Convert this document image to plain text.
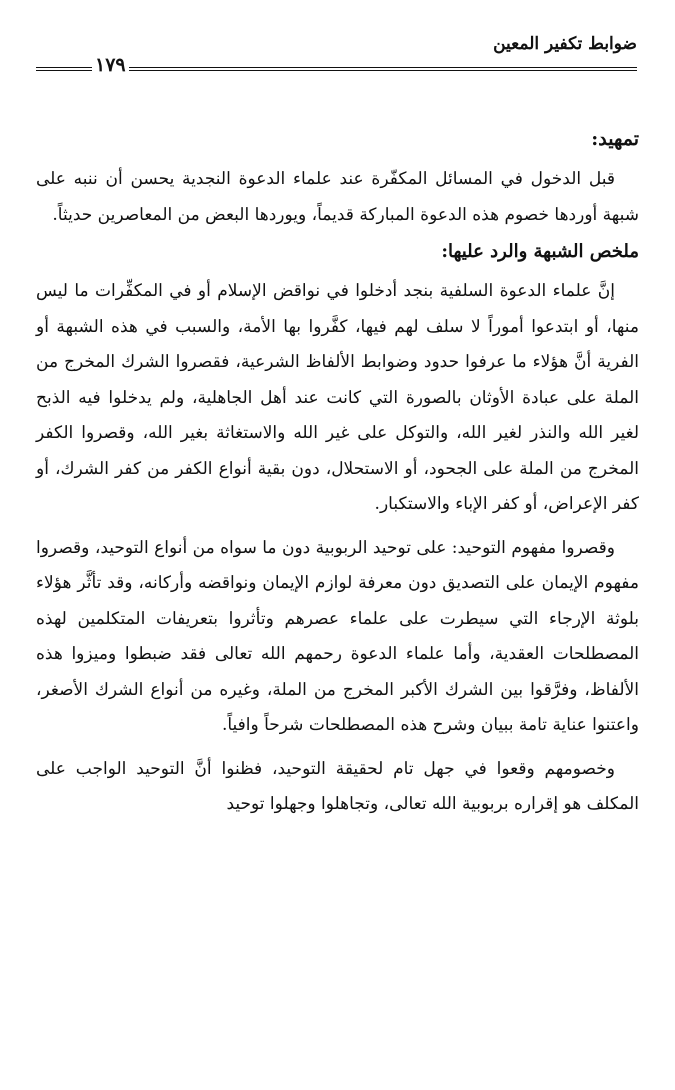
ضوابط تكفير المعين
١٧٩
تمهيد:

قبل الدخول في المسائل المكفّرة عند علماء الدعوة النجدية يحسن أن ننبه على شبهة أوردها خصوم هذه الدعوة المباركة قديماً، ويوردها البعض من المعاصرين حديثاً.

ملخص الشبهة والرد عليها:

إنَّ علماء الدعوة السلفية بنجد أدخلوا في نواقض الإسلام أو في المكفِّرات ما ليس منها، أو ابتدعوا أموراً لا سلف لهم فيها، كفَّروا بها الأمة، والسبب في هذه الشبهة أو الفرية أنَّ هؤلاء ما عرفوا حدود وضوابط الألفاظ الشرعية، فقصروا الشرك المخرج من الملة على عبادة الأوثان بالصورة التي كانت عند أهل الجاهلية، ولم يدخلوا فيه الذبح لغير الله والنذر لغير الله، والتوكل على غير الله والاستغاثة بغير الله، وقصروا الكفر المخرج من الملة على الجحود، أو الاستحلال، دون بقية أنواع الكفر من كفر الشرك، أو كفر الإعراض، أو كفر الإباء والاستكبار.

وقصروا مفهوم التوحيد: على توحيد الربوبية دون ما سواه من أنواع التوحيد، وقصروا مفهوم الإيمان على التصديق دون معرفة لوازم الإيمان ونواقضه وأركانه، وقد تأثَّر هؤلاء بلوثة الإرجاء التي سيطرت على علماء عصرهم وتأثروا بتعريفات المتكلمين لهذه المصطلحات العقدية، وأما علماء الدعوة رحمهم الله تعالى فقد ضبطوا وميزوا هذه الألفاظ، وفرَّقوا بين الشرك الأكبر المخرج من الملة، وغيره من أنواع الشرك الأصغر، واعتنوا عناية تامة ببيان وشرح هذه المصطلحات شرحاً وافياً.

وخصومهم وقعوا في جهل تام لحقيقة التوحيد، فظنوا أنَّ التوحيد الواجب على المكلف هو إقراره بربوبية الله تعالى، وتجاهلوا وجهلوا توحيد
